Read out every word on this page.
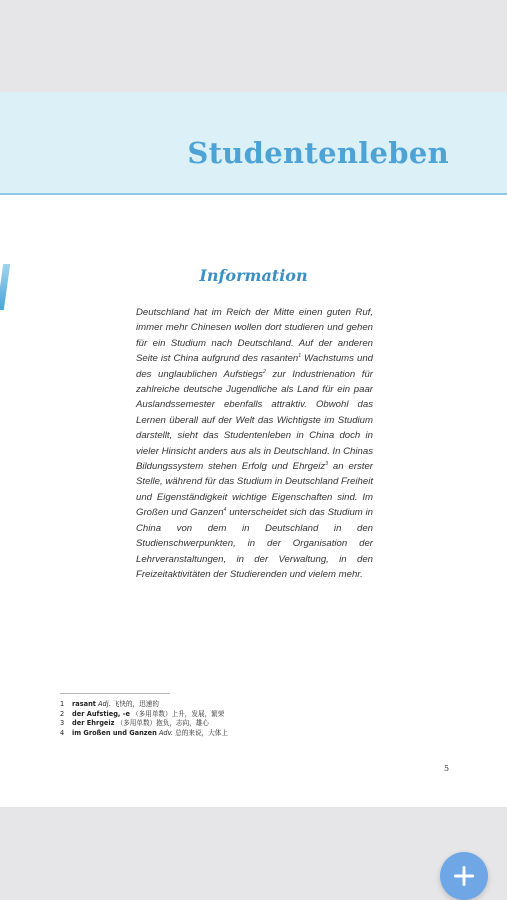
Studentenleben
Information
Deutschland hat im Reich der Mitte einen guten Ruf, immer mehr Chinesen wollen dort studieren und gehen für ein Studium nach Deutschland. Auf der anderen Seite ist China aufgrund des rasanten$^1$ Wachstums und des unglaublichen Aufstiegs$^2$ zur Industrienation für zahlreiche deutsche Jugendliche als Land für ein paar Auslandssemester ebenfalls attraktiv. Obwohl das Lernen überall auf der Welt das Wichtigste im Studium darstellt, sieht das Studentenleben in China doch in vieler Hinsicht anders aus als in Deutschland. In Chinas Bildungssystem stehen Erfolg und Ehrgeiz$^3$ an erster Stelle, während für das Studium in Deutschland Freiheit und Eigenständigkeit wichtige Eigenschaften sind. Im Großen und Ganzen$^4$ unterscheidet sich das Studium in China von dem in Deutschland in den Studienschwerpunkten, in der Organisation der Lehrveranstaltungen, in der Verwaltung, in den Freizeitaktivitäten der Studierenden und vielem mehr.
1 rasant Adj. 飞快的，迅速的
2 der Aufstieg, -e （多用单数）上升，发展，繁荣
3 der Ehrgeiz （多用单数）抱负，志向，雄心
4 im Großen und Ganzen Adv. 总的来说，大体上
5
